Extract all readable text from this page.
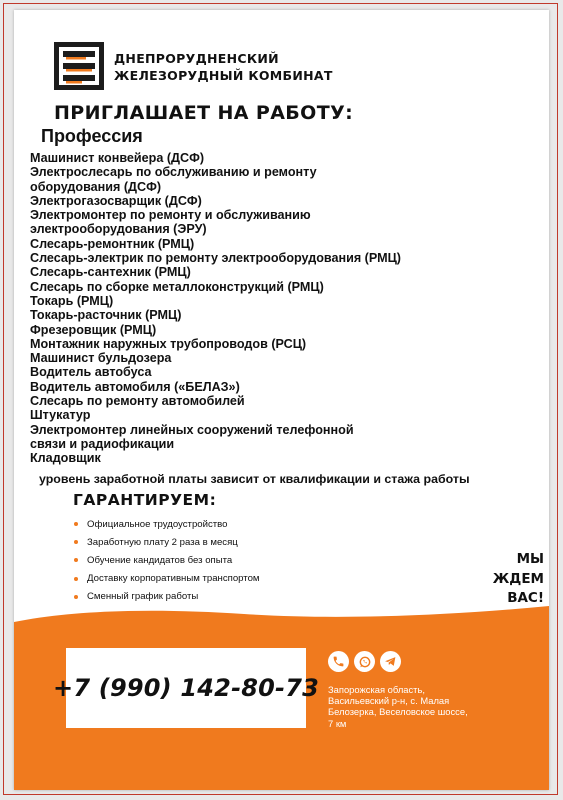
ДНЕПРОРУДНЕНСКИЙ
ЖЕЛЕЗОРУДНЫЙ КОМБИНАТ
ПРИГЛАШАЕТ НА РАБОТУ:
Профессия
Машинист конвейера (ДСФ)
Электрослесарь по обслуживанию и ремонту
оборудования (ДСФ)
Электрогазосварщик (ДСФ)
Электромонтер по ремонту и обслуживанию
электрооборудования (ЭРУ)
Слесарь-ремонтник (РМЦ)
Слесарь-электрик по ремонту электрооборудования (РМЦ)
Слесарь-сантехник (РМЦ)
Слесарь по сборке металлоконструкций (РМЦ)
Токарь (РМЦ)
Токарь-расточник (РМЦ)
Фрезеровщик (РМЦ)
Монтажник наружных трубопроводов (РСЦ)
Машинист бульдозера
Водитель автобуса
Водитель автомобиля («БЕЛАЗ»)
Слесарь по ремонту автомобилей
Штукатур
Электромонтер линейных сооружений телефонной
связи и радиофикации
Кладовщик
уровень заработной платы зависит от квалификации и стажа работы
ГАРАНТИРУЕМ:
Официальное трудоустройство
Заработную плату 2 раза в месяц
Обучение кандидатов без опыта
Доставку корпоративным транспортом
Сменный график работы
МЫ
ЖДЕМ
ВАС!
+7 (990) 142-80-73 Запорожская область,
Васильевский р-н, с. Малая
Белозерка, Веселовское шоссе,
7 км
